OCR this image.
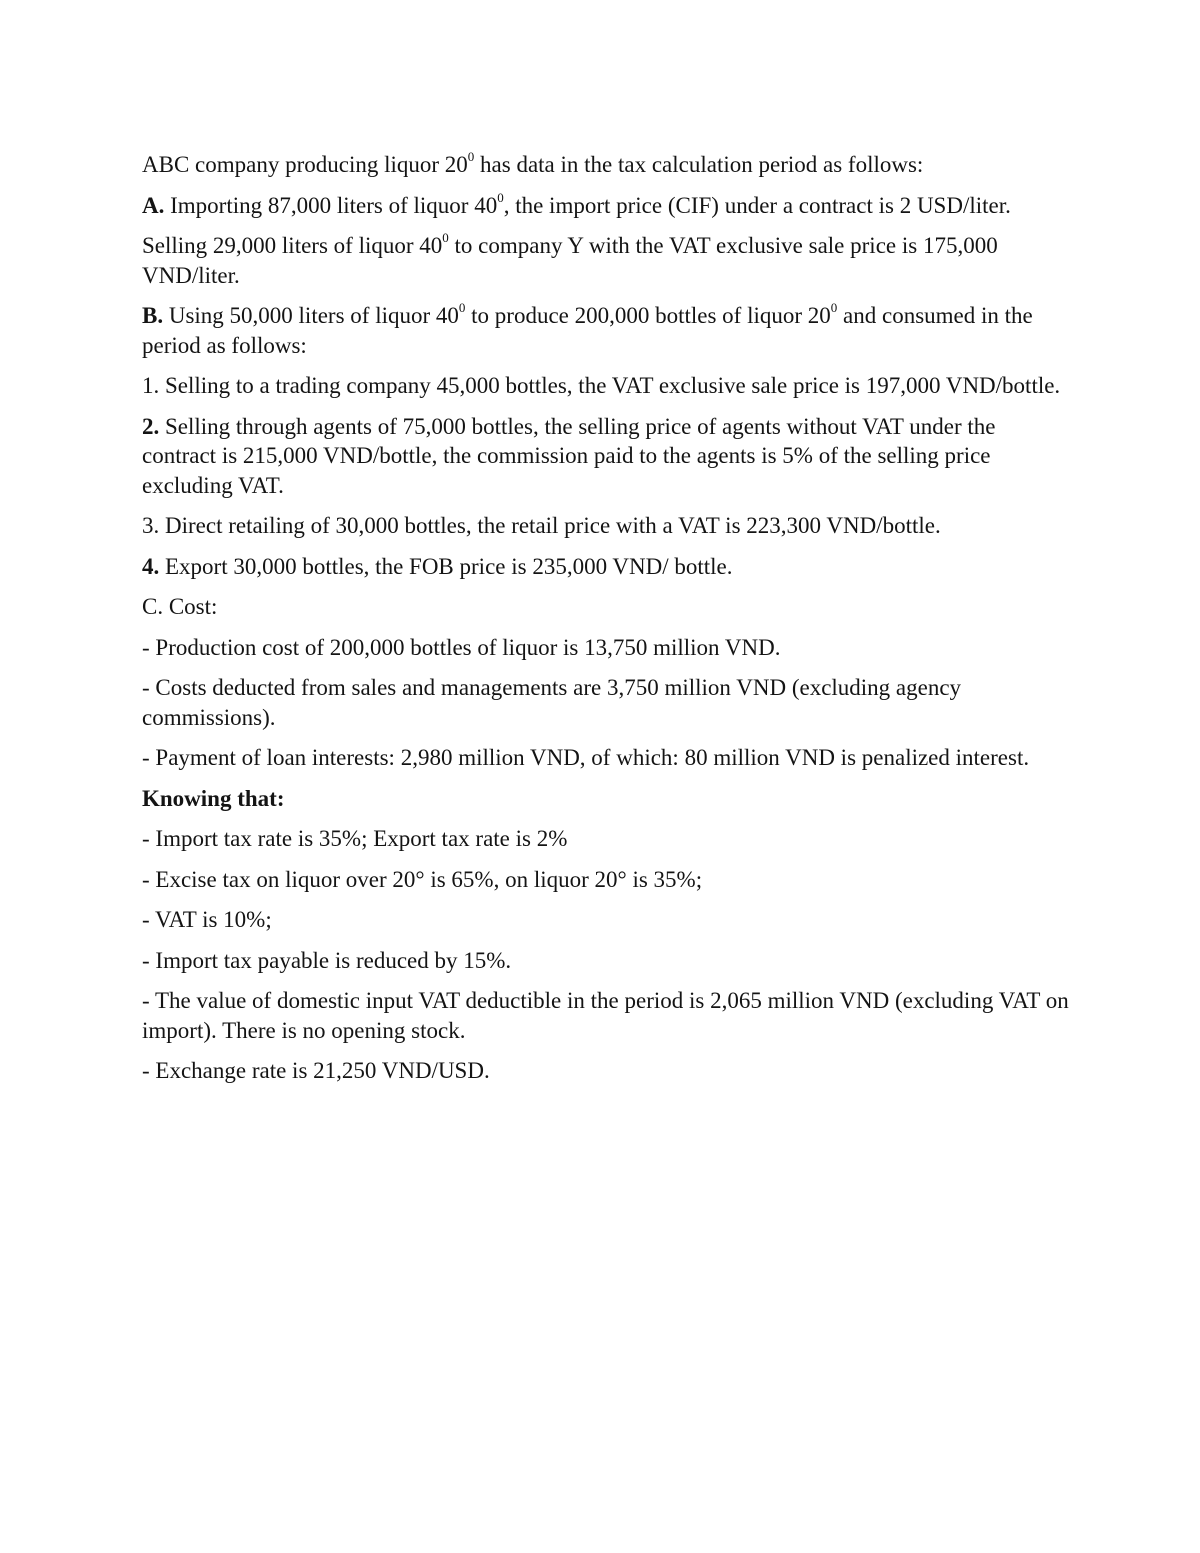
ABC company producing liquor $20^0$ has data in the tax calculation period as follows:

A. Importing 87,000 liters of liquor $40^0$, the import price (CIF) under a contract is 2 USD/liter.

Selling 29,000 liters of liquor $40^0$ to company Y with the VAT exclusive sale price is 175,000 VND/liter.

B. Using 50,000 liters of liquor $40^0$ to produce 200,000 bottles of liquor $20^0$ and consumed in the period as follows:

1. Selling to a trading company 45,000 bottles, the VAT exclusive sale price is 197,000 VND/bottle.

2. Selling through agents of 75,000 bottles, the selling price of agents without VAT under the contract is 215,000 VND/bottle, the commission paid to the agents is 5% of the selling price excluding VAT.

3. Direct retailing of 30,000 bottles, the retail price with a VAT is 223,300 VND/bottle.

4. Export 30,000 bottles, the FOB price is 235,000 VND/ bottle.

C. Cost:

- Production cost of 200,000 bottles of liquor is 13,750 million VND.

- Costs deducted from sales and managements are 3,750 million VND (excluding agency commissions).

- Payment of loan interests: 2,980 million VND, of which: 80 million VND is penalized interest.

Knowing that:

- Import tax rate is 35%; Export tax rate is 2%

- Excise tax on liquor over 20° is 65%, on liquor 20° is 35%;

- VAT is 10%;

- Import tax payable is reduced by 15%.

- The value of domestic input VAT deductible in the period is 2,065 million VND (excluding VAT on import). There is no opening stock.

- Exchange rate is 21,250 VND/USD.
